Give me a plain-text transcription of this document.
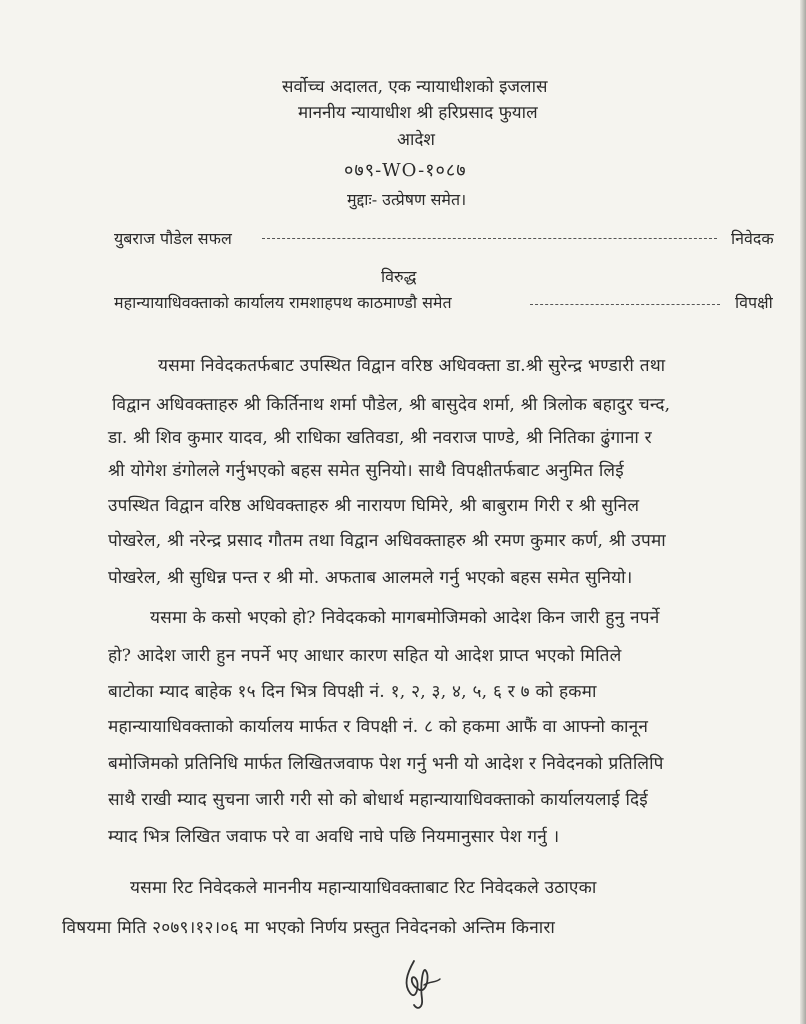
सर्वोच्च अदालत, एक न्यायाधीशको इजलास
माननीय न्यायाधीश श्री हरिप्रसाद फुयाल
आदेश
०७९-WO-१०८७
मुद्दाः- उत्प्रेषण समेत।
युबराज पौडेल सफल	निवेदक
विरुद्ध
महान्यायाधिवक्ताको कार्यालय रामशाहपथ काठमाण्डौ समेत	विपक्षी
यसमा निवेदकतर्फबाट उपस्थित विद्वान वरिष्ठ अधिवक्ता डा.श्री सुरेन्द्र भण्डारी तथा
विद्वान अधिवक्ताहरु श्री किर्तिनाथ शर्मा पौडेल, श्री बासुदेव शर्मा, श्री त्रिलोक बहादुर चन्द,
डा. श्री शिव कुमार यादव, श्री राधिका खतिवडा, श्री नवराज पाण्डे, श्री नितिका ढुंगाना र
श्री योगेश डंगोलले गर्नुभएको बहस समेत सुनियो। साथै विपक्षीतर्फबाट अनुमित लिई
उपस्थित विद्वान वरिष्ठ अधिवक्ताहरु श्री नारायण घिमिरे, श्री बाबुराम गिरी र श्री सुनिल
पोखरेल, श्री नरेन्द्र प्रसाद गौतम तथा विद्वान अधिवक्ताहरु श्री रमण कुमार कर्ण, श्री उपमा
पोखरेल, श्री सुधिन्न पन्त र श्री मो. अफताब आलमले गर्नु भएको बहस समेत सुनियो।
यसमा के कसो भएको हो? निवेदकको मागबमोजिमको आदेश किन जारी हुनु नपर्ने
हो? आदेश जारी हुन नपर्ने भए आधार कारण सहित यो आदेश प्राप्त भएको मितिले
बाटोका म्याद बाहेक १५ दिन भित्र विपक्षी नं. १, २, ३, ४, ५, ६ र ७ को हकमा
महान्यायाधिवक्ताको कार्यालय मार्फत र विपक्षी नं. ८ को हकमा आफैं वा आफ्नो कानून
बमोजिमको प्रतिनिधि मार्फत लिखितजवाफ पेश गर्नु भनी यो आदेश र निवेदनको प्रतिलिपि
साथै राखी म्याद सुचना जारी गरी सो को बोधार्थ महान्यायाधिवक्ताको कार्यालयलाई दिई
म्याद भित्र लिखित जवाफ परे वा अवधि नाघे पछि नियमानुसार पेश गर्नु ।
यसमा रिट निवेदकले माननीय महान्यायाधिवक्ताबाट रिट निवेदकले उठाएका
विषयमा मिति २०७९।१२।०६ मा भएको निर्णय प्रस्तुत निवेदनको अन्तिम किनारा
